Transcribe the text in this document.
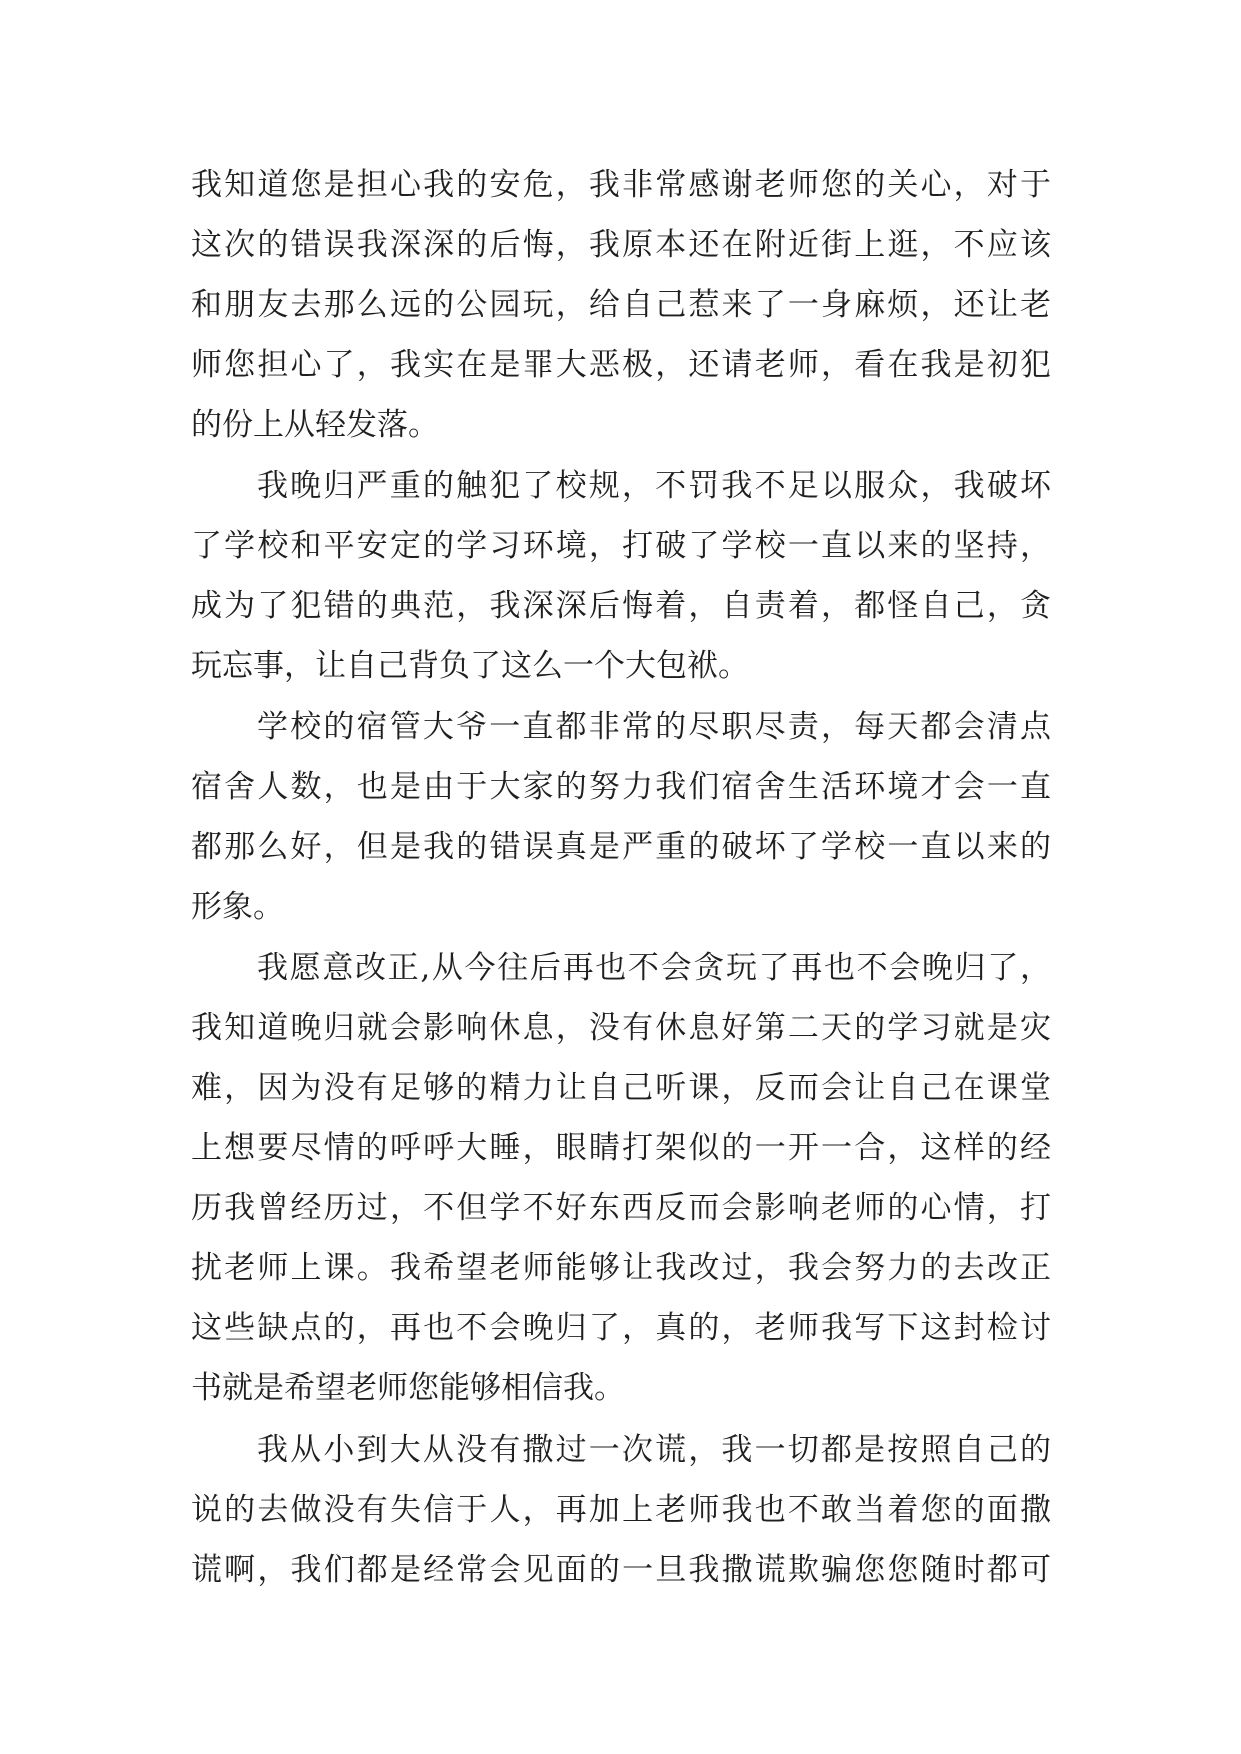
我知道您是担心我的安危，我非常感谢老师您的关心，对于
这次的错误我深深的后悔，我原本还在附近街上逛，不应该
和朋友去那么远的公园玩，给自己惹来了一身麻烦，还让老
师您担心了，我实在是罪大恶极，还请老师，看在我是初犯
的份上从轻发落。
我晚归严重的触犯了校规，不罚我不足以服众，我破坏
了学校和平安定的学习环境，打破了学校一直以来的坚持，
成为了犯错的典范，我深深后悔着，自责着，都怪自己，贪
玩忘事，让自己背负了这么一个大包袱。
学校的宿管大爷一直都非常的尽职尽责，每天都会清点
宿舍人数，也是由于大家的努力我们宿舍生活环境才会一直
都那么好，但是我的错误真是严重的破坏了学校一直以来的
形象。
我愿意改正,从今往后再也不会贪玩了再也不会晚归了，
我知道晚归就会影响休息，没有休息好第二天的学习就是灾
难，因为没有足够的精力让自己听课，反而会让自己在课堂
上想要尽情的呼呼大睡，眼睛打架似的一开一合，这样的经
历我曾经历过，不但学不好东西反而会影响老师的心情，打
扰老师上课。我希望老师能够让我改过，我会努力的去改正
这些缺点的，再也不会晚归了，真的，老师我写下这封检讨
书就是希望老师您能够相信我。
我从小到大从没有撒过一次谎，我一切都是按照自己的
说的去做没有失信于人，再加上老师我也不敢当着您的面撒
谎啊，我们都是经常会见面的一旦我撒谎欺骗您您随时都可
